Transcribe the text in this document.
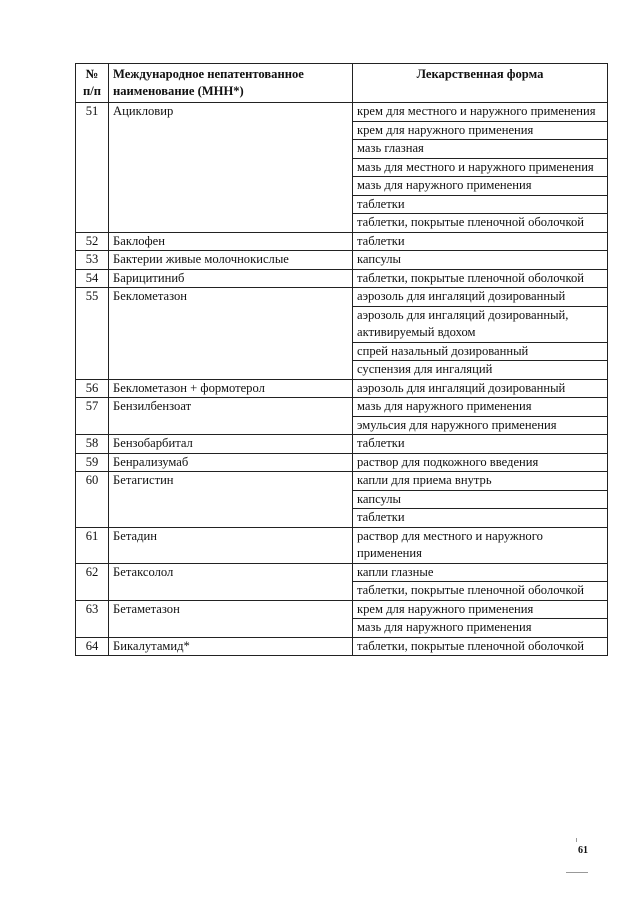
№
п/п	Международное непатентованное наименование (МНН*)	Лекарственная форма
51	Ацикловир	крем для местного и наружного применения
		крем для наружного применения
		мазь глазная
		мазь для местного и наружного применения
		мазь для наружного применения
		таблетки
		таблетки, покрытые пленочной оболочкой
52	Баклофен	таблетки
53	Бактерии живые молочнокислые	капсулы
54	Барицитиниб	таблетки, покрытые пленочной оболочкой
55	Беклометазон	аэрозоль для ингаляций дозированный
		аэрозоль для ингаляций дозированный, активируемый вдохом
		спрей назальный дозированный
		суспензия для ингаляций
56	Беклометазон + формотерол	аэрозоль для ингаляций дозированный
57	Бензилбензоат	мазь для наружного применения
		эмульсия для наружного применения
58	Бензобарбитал	таблетки
59	Бенрализумаб	раствор для подкожного введения
60	Бетагистин	капли для приема внутрь
		капсулы
		таблетки
61	Бетадин	раствор для местного и наружного применения
62	Бетаксолол	капли глазные
		таблетки, покрытые пленочной оболочкой
63	Бетаметазон	крем для наружного применения
		мазь для наружного применения
64	Бикалутамид*	таблетки, покрытые пленочной оболочкой
61
